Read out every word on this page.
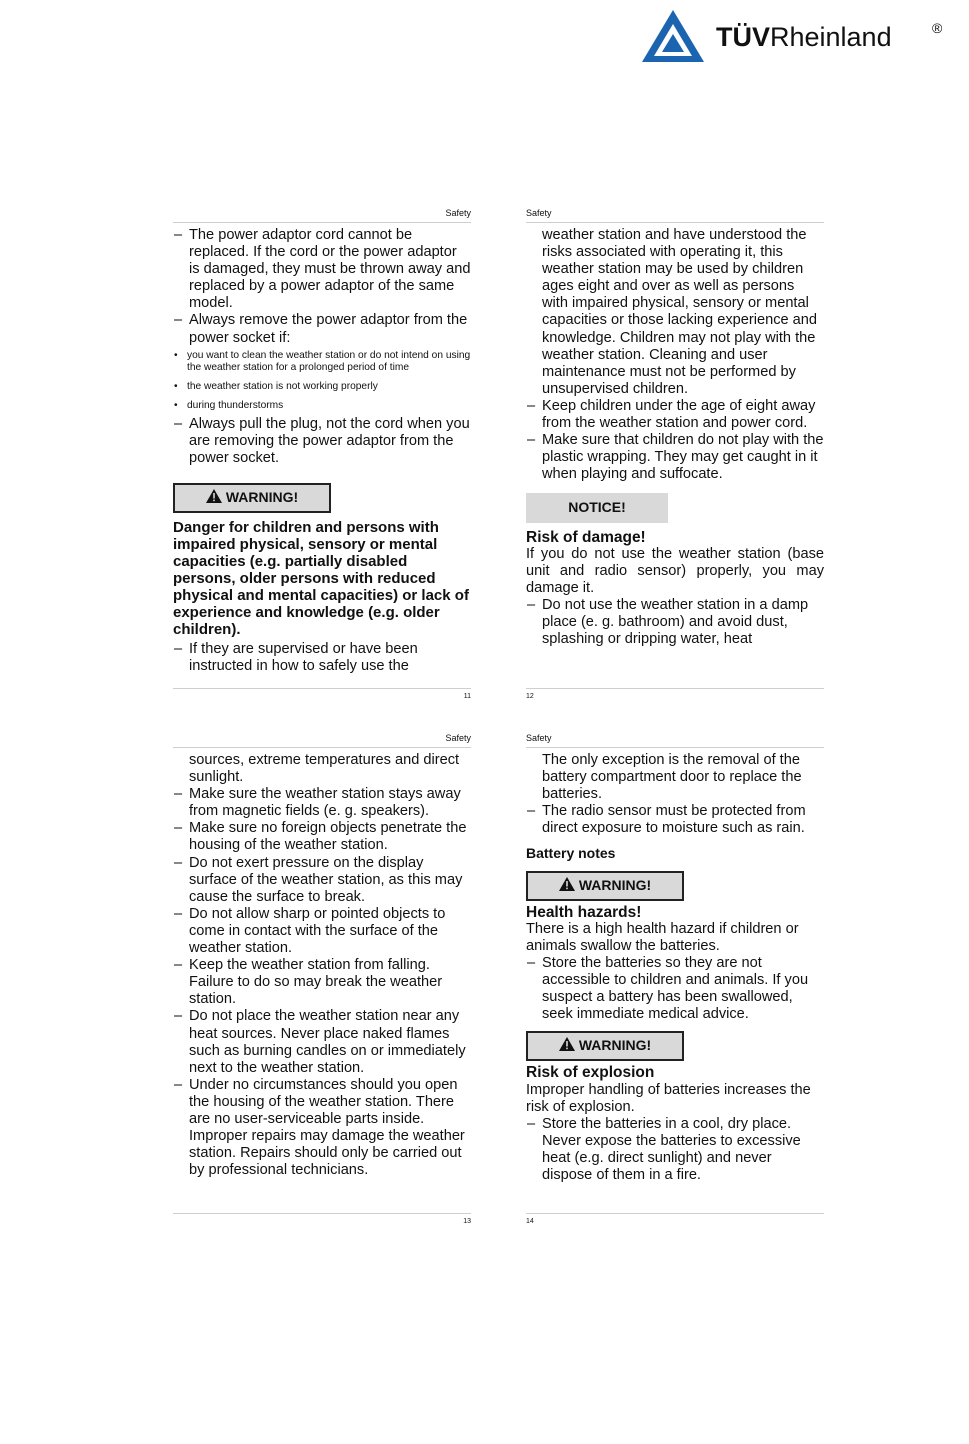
TÜVRheinland	®
Safety
– The power adaptor cord cannot be replaced. If the cord or the power adaptor is damaged, they must be thrown away and replaced by a power adaptor of the same model.
– Always remove the power adaptor from the power socket if:
• you want to clean the weather station or do not intend on using the weather station for a prolonged period of time
• the weather station is not working properly
• during thunderstorms
– Always pull the plug, not the cord when you are removing the power adaptor from the power socket.
WARNING!
Danger for children and persons with impaired physical, sensory or mental capacities (e.g. partially disabled persons, older persons with reduced physical and mental capacities) or lack of experience and knowledge (e.g. older children).
– If they are supervised or have been instructed in how to safely use the
11
Safety
weather station and have understood the risks associated with operating it, this weather station may be used by children ages eight and over as well as persons with impaired physical, sensory or mental capacities or those lacking experience and knowledge. Children may not play with the weather station. Cleaning and user maintenance must not be performed by unsupervised children.
– Keep children under the age of eight away from the weather station and power cord.
– Make sure that children do not play with the plastic wrapping. They may get caught in it when playing and suffocate.
NOTICE!
Risk of damage!
If you do not use the weather station (base unit and radio sensor) properly, you may damage it.
– Do not use the weather station in a damp place (e. g. bathroom) and avoid dust, splashing or dripping water, heat
12
Safety
sources, extreme temperatures and direct sunlight.
– Make sure the weather station stays away from magnetic fields (e. g. speakers).
– Make sure no foreign objects penetrate the housing of the weather station.
– Do not exert pressure on the display surface of the weather station, as this may cause the surface to break.
– Do not allow sharp or pointed objects to come in contact with the surface of the weather station.
– Keep the weather station from falling. Failure to do so may break the weather station.
– Do not place the weather station near any heat sources. Never place naked flames such as burning candles on or immediately next to the weather station.
– Under no circumstances should you open the housing of the weather station. There are no user-serviceable parts inside. Improper repairs may damage the weather station. Repairs should only be carried out by professional technicians.
13
Safety
The only exception is the removal of the battery compartment door to replace the batteries.
– The radio sensor must be protected from direct exposure to moisture such as rain.
Battery notes
WARNING!
Health hazards!
There is a high health hazard if children or animals swallow the batteries.
– Store the batteries so they are not accessible to children and animals. If you suspect a battery has been swallowed, seek immediate medical advice.
WARNING!
Risk of explosion
Improper handling of batteries increases the risk of explosion.
– Store the batteries in a cool, dry place. Never expose the batteries to excessive heat (e.g. direct sunlight) and never dispose of them in a fire.
14
